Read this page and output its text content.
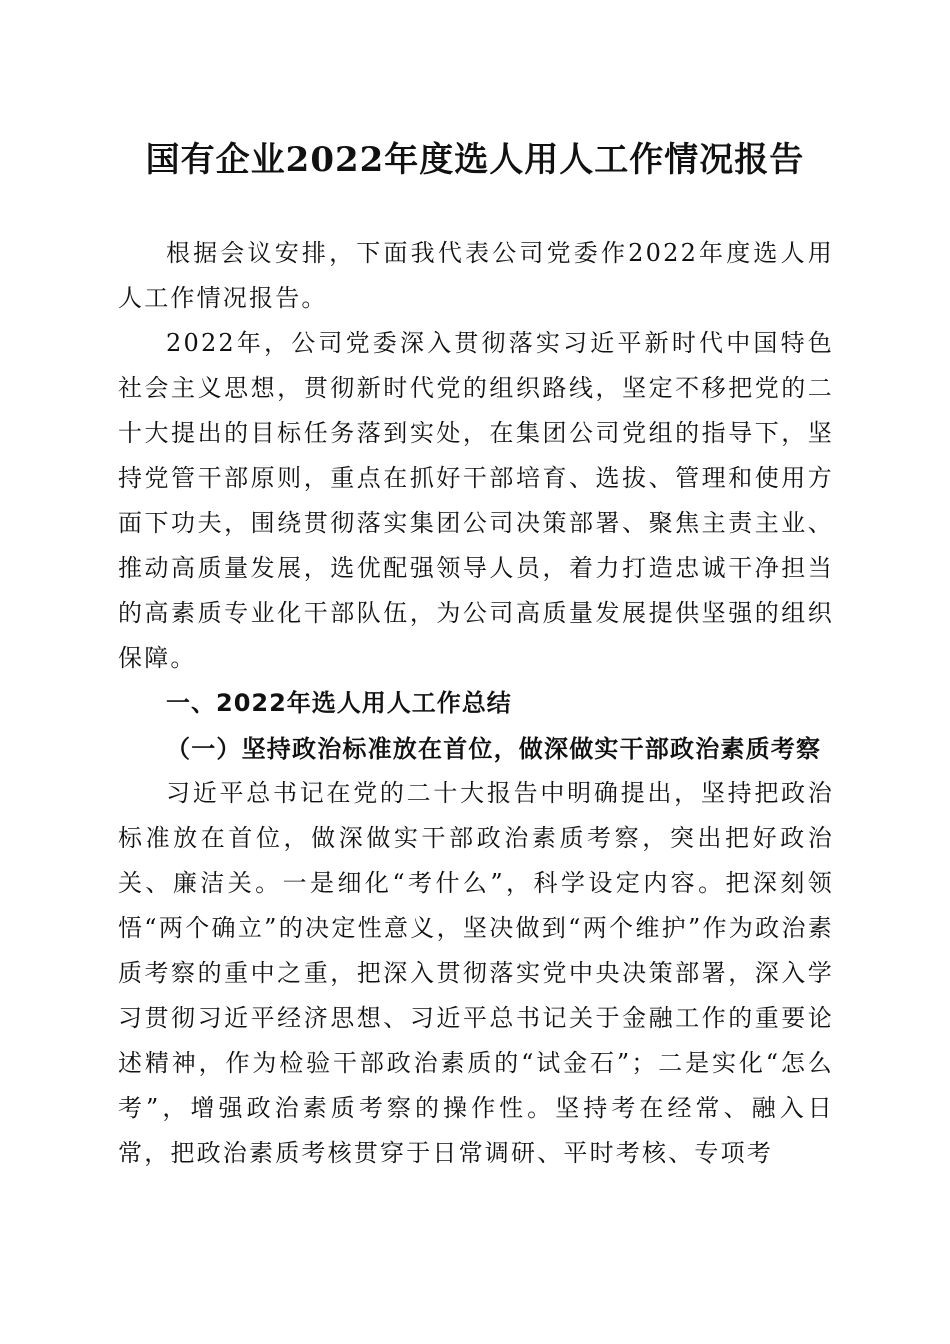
国有企业2022年度选人用人工作情况报告

根据会议安排，下面我代表公司党委作2022年度选人用人工作情况报告。

2022年，公司党委深入贯彻落实习近平新时代中国特色社会主义思想，贯彻新时代党的组织路线，坚定不移把党的二十大提出的目标任务落到实处，在集团公司党组的指导下，坚持党管干部原则，重点在抓好干部培育、选拔、管理和使用方面下功夫，围绕贯彻落实集团公司决策部署、聚焦主责主业、推动高质量发展，选优配强领导人员，着力打造忠诚干净担当的高素质专业化干部队伍，为公司高质量发展提供坚强的组织保障。

一、2022年选人用人工作总结

（一）坚持政治标准放在首位，做深做实干部政治素质考察

习近平总书记在党的二十大报告中明确提出，坚持把政治标准放在首位，做深做实干部政治素质考察，突出把好政治关、廉洁关。一是细化“考什么”，科学设定内容。把深刻领悟“两个确立”的决定性意义，坚决做到“两个维护”作为政治素质考察的重中之重，把深入贯彻落实党中央决策部署，深入学习贯彻习近平经济思想、习近平总书记关于金融工作的重要论述精神，作为检验干部政治素质的“试金石”；二是实化“怎么考”，增强政治素质考察的操作性。坚持考在经常、融入日常，把政治素质考核贯穿于日常调研、平时考核、专项考
